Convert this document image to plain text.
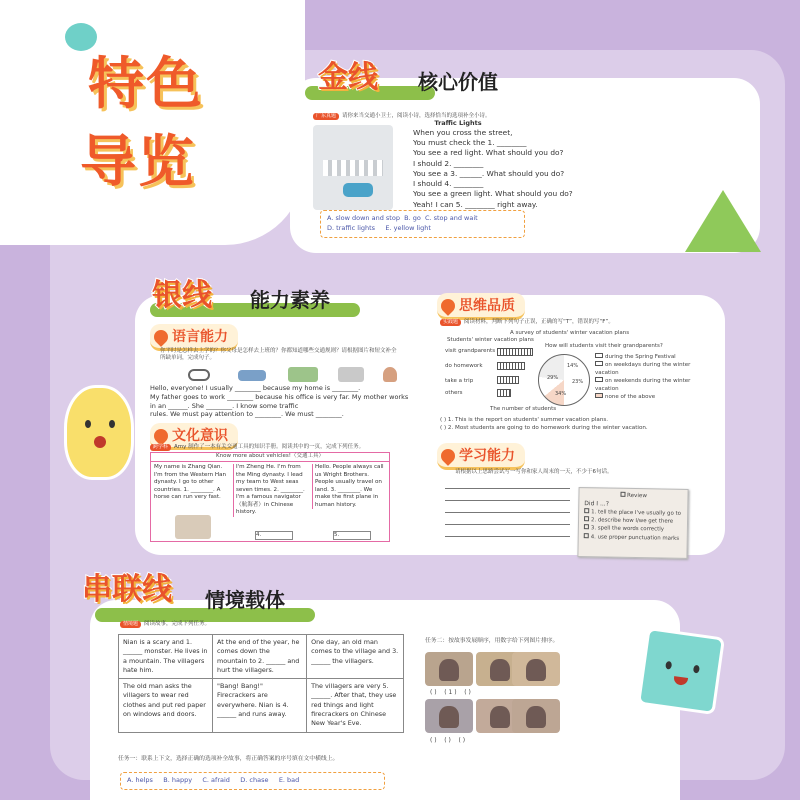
特色
导览
金线 核心价值
广东真题 请你来当交通小卫士，阅读小诗，选择恰当的选项补全小诗。
Traffic Lights
When you cross the street,
You must check the 1. ________
You see a red light. What should you do?
I should 2. ________
You see a 3. ______. What should you do?
I should 4. ________
You see a green light. What should you do?
Yeah! I can 5. ________ right away.
A. slow down and stop B. go C. stop and wait
D. traffic lights E. yellow light
银线 能力素养
语言能力
你平时是怎样去上学的？你父母是怎样去上班的？你都知道哪些交通规则？请根据图片和短文补全所缺单词，完成句子。
Hello, everyone! I usually ________ because my home is ________.
My father goes to work ________ because his office is very far. My mother works in an ______. She ________. I know some traffic
rules. We must pay attention to ________. We must ________.
文化意识
跨学科 Amy 制作了一本有关交通工具的知识手册。阅读其中的一页，完成下列任务。
Know more about vehicles!（交通工具）
My name is Zhang Qian. I'm from the Western Han dynasty. I go to other countries. 1. ________. A horse can run very fast.
I'm Zheng He. I'm from the Ming dynasty. I lead my team to West seas seven times. 2. ________. I'm a famous navigator（航海者）in Chinese history.
Hello. People always call us Wright Brothers. People usually travel on land. 3. ________. We make the first plane in human history.
4.	5.
思维品质
实践题 阅读材料，判断下列句子正误，正确的写“T”，错误的写“F”。
A survey of students' winter vacation plans
Students' winter vacation plans
visit grandparents
do homework
take a trip
others
The number of students
How will students visit their grandparents?
29%
14%
23%
34%
during the Spring Festival
on weekdays during the winter vacation
on weekends during the winter vacation
none of the above
( ) 1. This is the report on students' summer vacation plans.
( ) 2. Most students are going to do homework during the winter vacation.
学习能力
请根据以上思路尝试写一写你和家人周末的一天，不少于6句话。
Review
Did I ...?
1. tell the place I've usually go to
2. describe how I/we get there
3. spell the words correctly
4. use proper punctuation marks
串联线 情境载体
情境题 阅读故事，完成下列任务。
Nian is a scary and 1. ______ monster. He lives in a mountain. The villagers hate him.	At the end of the year, he comes down the mountain to 2. ______ and hurt the villagers.	One day, an old man comes to the village and 3. ______ the villagers.
The old man asks the villagers to wear red clothes and put red paper on windows and doors.	"Bang! Bang!" Firecrackers are everywhere. Nian is 4. ______ and runs away.	The villagers are very 5. ______. After that, they use red things and light firecrackers on Chinese New Year's Eve.
任务一：联系上下文，选择正确的选项补全故事，将正确答案的序号填在文中横线上。
A. helps B. happy C. afraid D. chase E. bad
任务二：按故事发展顺序，用数字给下列图片排序。
( ) ( 1 ) ( )
( ) ( ) ( )
